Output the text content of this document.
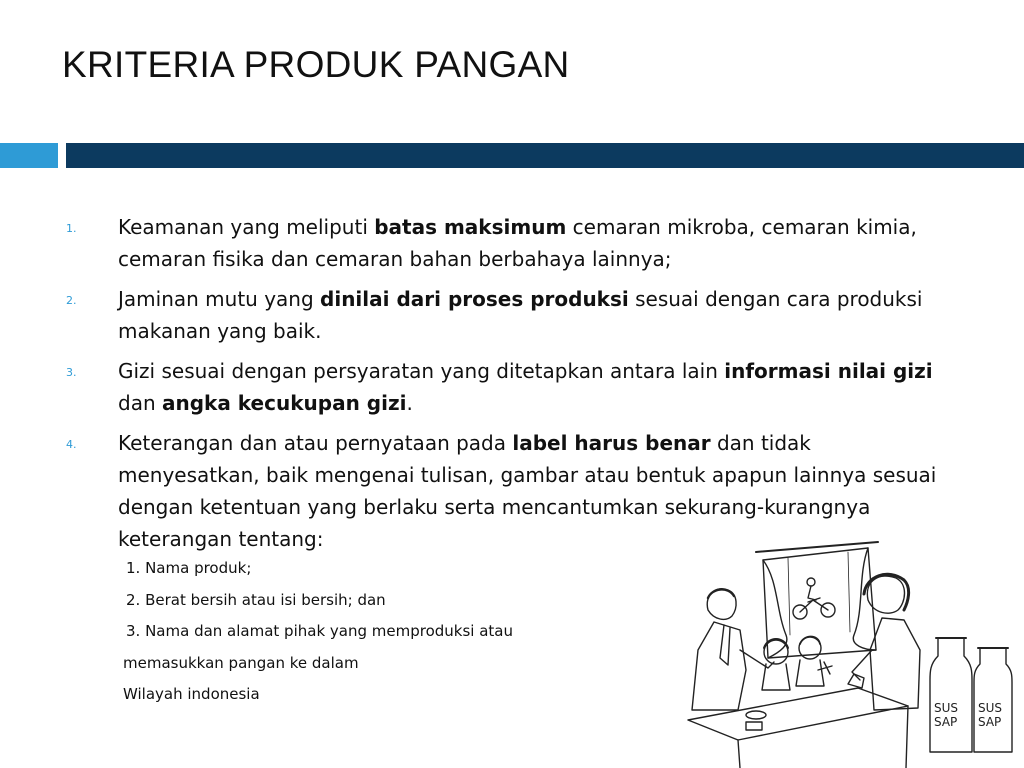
KRITERIA PRODUK PANGAN
1. Keamanan yang meliputi batas maksimum cemaran mikroba, cemaran kimia, cemaran fisika dan cemaran bahan berbahaya lainnya;
2. Jaminan mutu yang dinilai dari proses produksi sesuai dengan cara produksi makanan yang baik.
3. Gizi sesuai dengan persyaratan yang ditetapkan antara lain informasi nilai gizi dan angka kecukupan gizi.
4. Keterangan dan atau pernyataan pada label harus benar dan tidak menyesatkan, baik mengenai tulisan, gambar atau bentuk apapun lainnya sesuai dengan ketentuan yang berlaku serta mencantumkan sekurang-kurangnya keterangan tentang:
1. Nama produk;
2. Berat bersih atau isi bersih; dan
3. Nama dan alamat pihak yang memproduksi atau
memasukkan pangan ke dalam
Wilayah indonesia
SUS
SAP
SUS
SAP
